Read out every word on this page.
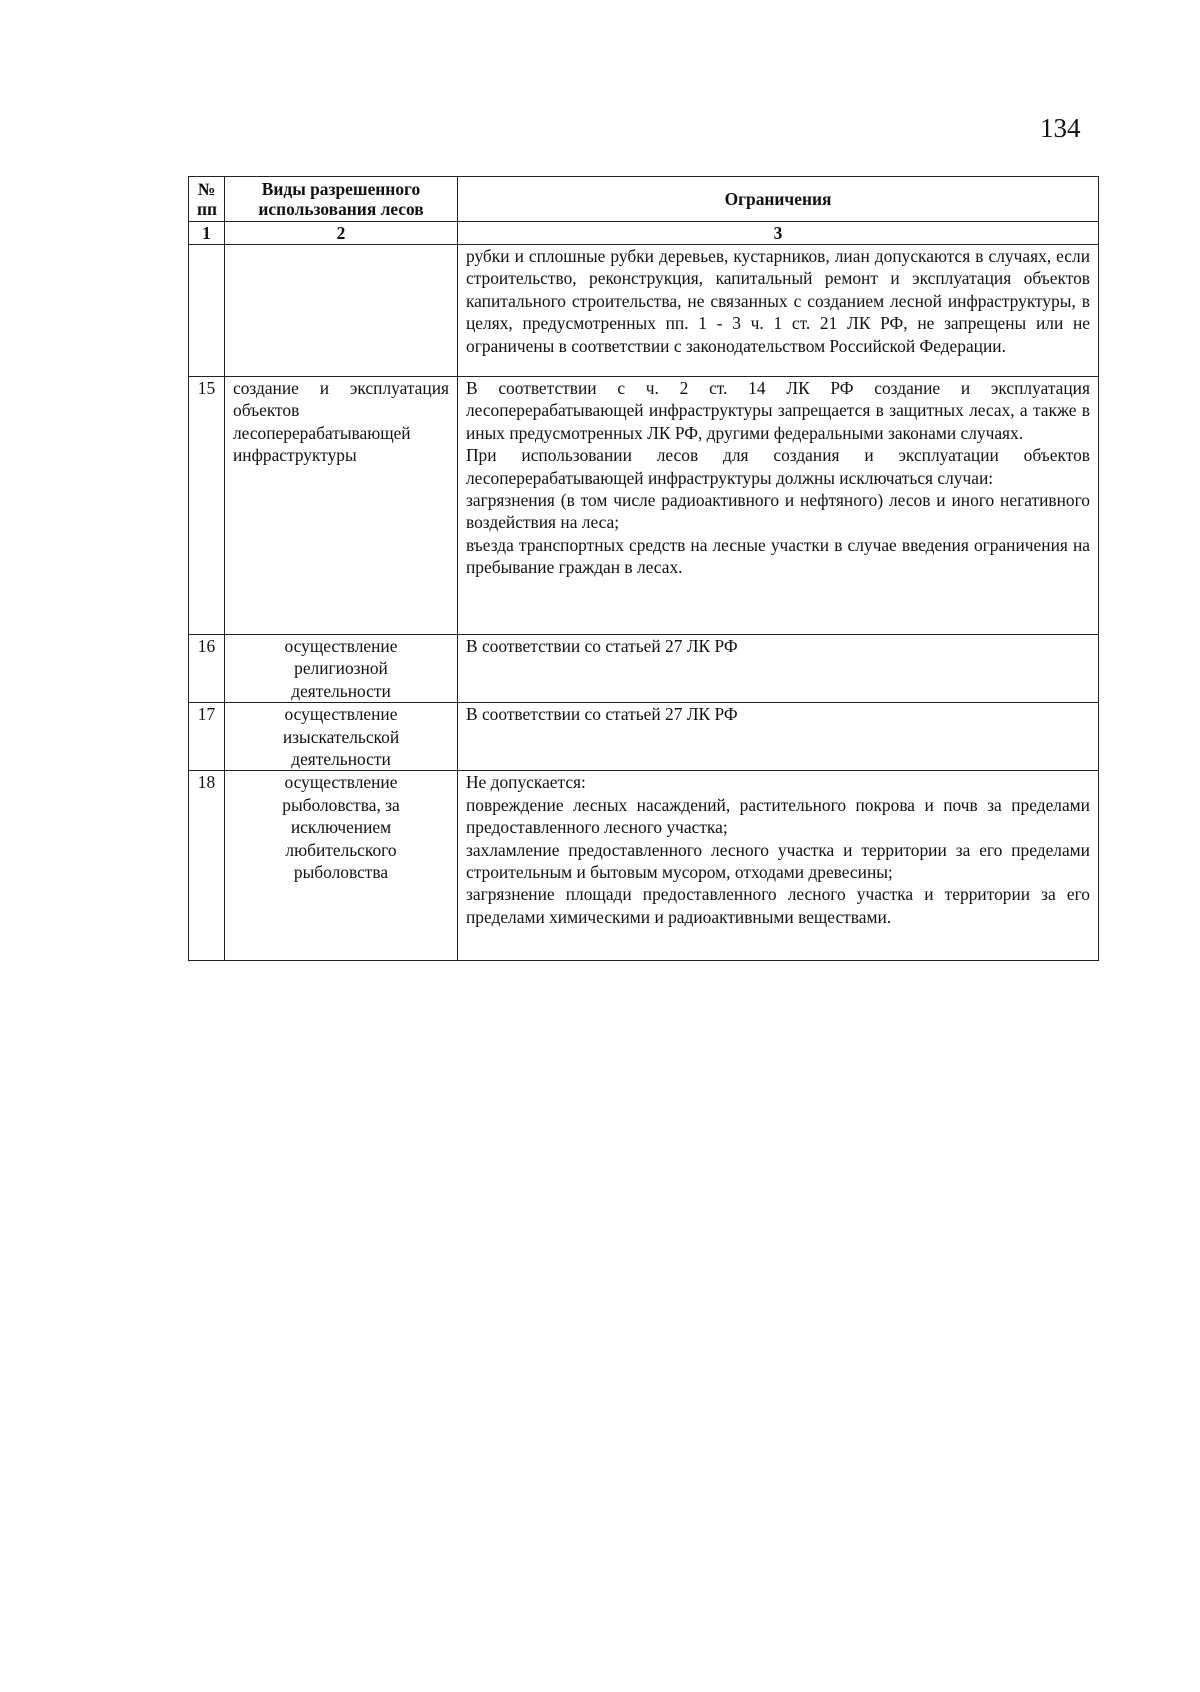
134
№ пп	Виды разрешенного использования лесов	Ограничения
1	2	3

		рубки и сплошные рубки деревьев, кустарников, лиан допускаются в случаях, если строительство, реконструкция, капитальный ремонт и эксплуатация объектов капитального строительства, не связанных с созданием лесной инфраструктуры, в целях, предусмотренных пп. 1 - 3 ч. 1 ст. 21 ЛК РФ, не запрещены или не ограничены в соответствии с законодательством Российской Федерации.

15	создание и эксплуатация объектов лесоперерабатывающей инфраструктуры	В соответствии с ч. 2 ст. 14 ЛК РФ создание и эксплуатация лесоперерабатывающей инфраструктуры запрещается в защитных лесах, а также в иных предусмотренных ЛК РФ, другими федеральными законами случаях.
При использовании лесов для создания и эксплуатации объектов лесоперерабатывающей инфраструктуры должны исключаться случаи:
загрязнения (в том числе радиоактивного и нефтяного) лесов и иного негативного воздействия на леса;
въезда транспортных средств на лесные участки в случае введения ограничения на пребывание граждан в лесах.

16	осуществление религиозной деятельности	В соответствии со статьей 27 ЛК РФ

17	осуществление изыскательской деятельности	В соответствии со статьей 27 ЛК РФ

18	осуществление рыболовства, за исключением любительского рыболовства	Не допускается:
повреждение лесных насаждений, растительного покрова и почв за пределами предоставленного лесного участка;
захламление предоставленного лесного участка и территории за его пределами строительным и бытовым мусором, отходами древесины;
загрязнение площади предоставленного лесного участка и территории за его пределами химическими и радиоактивными веществами.
